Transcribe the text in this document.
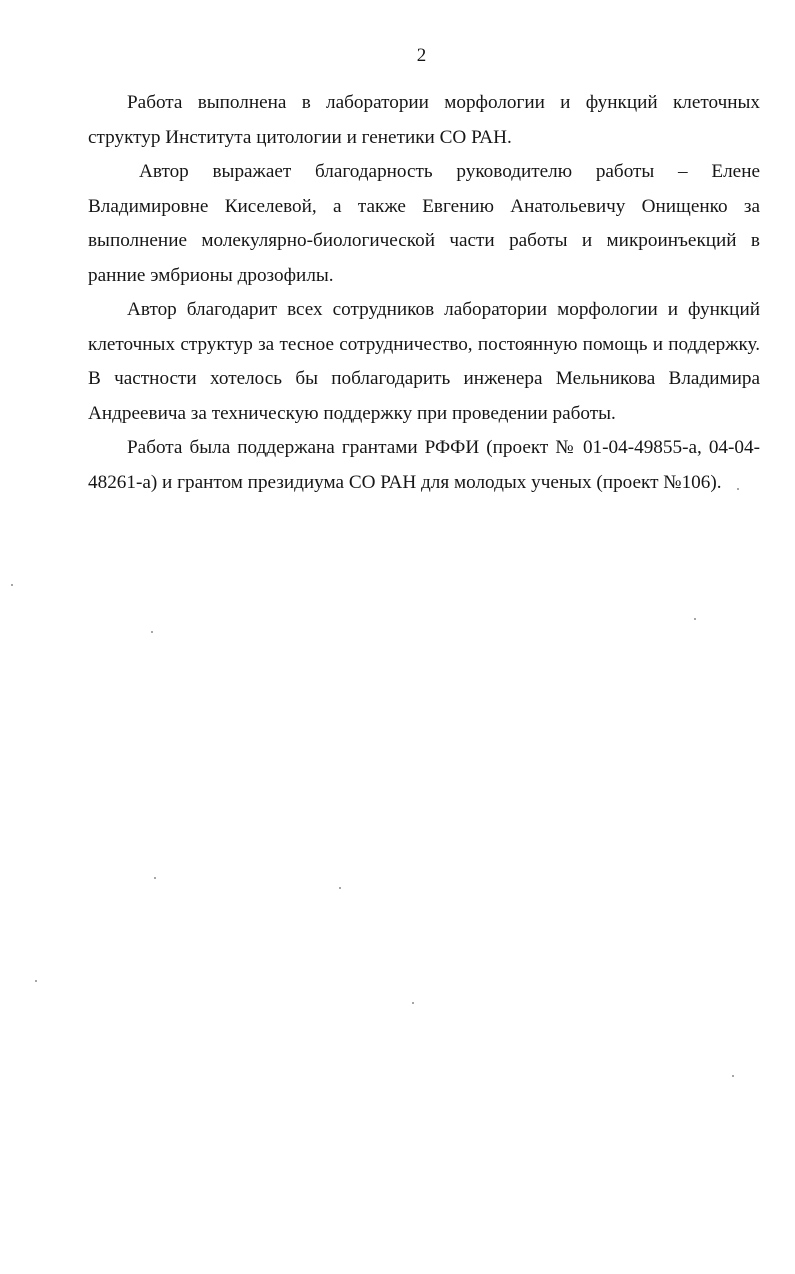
2

Работа выполнена в лаборатории морфологии и функций клеточных структур Института цитологии и генетики СО РАН.

Автор выражает благодарность руководителю работы – Елене Владимировне Киселевой, а также Евгению Анатольевичу Онищенко за выполнение молекулярно-биологической части работы и микроинъекций в ранние эмбрионы дрозофилы.

Автор благодарит всех сотрудников лаборатории морфологии и функций клеточных структур за тесное сотрудничество, постоянную помощь и поддержку. В частности хотелось бы поблагодарить инженера Мельникова Владимира Андреевича за техническую поддержку при проведении работы.

Работа была поддержана грантами РФФИ (проект № 01-04-49855-а, 04-04-48261-а) и грантом президиума СО РАН для молодых ученых (проект №106).
